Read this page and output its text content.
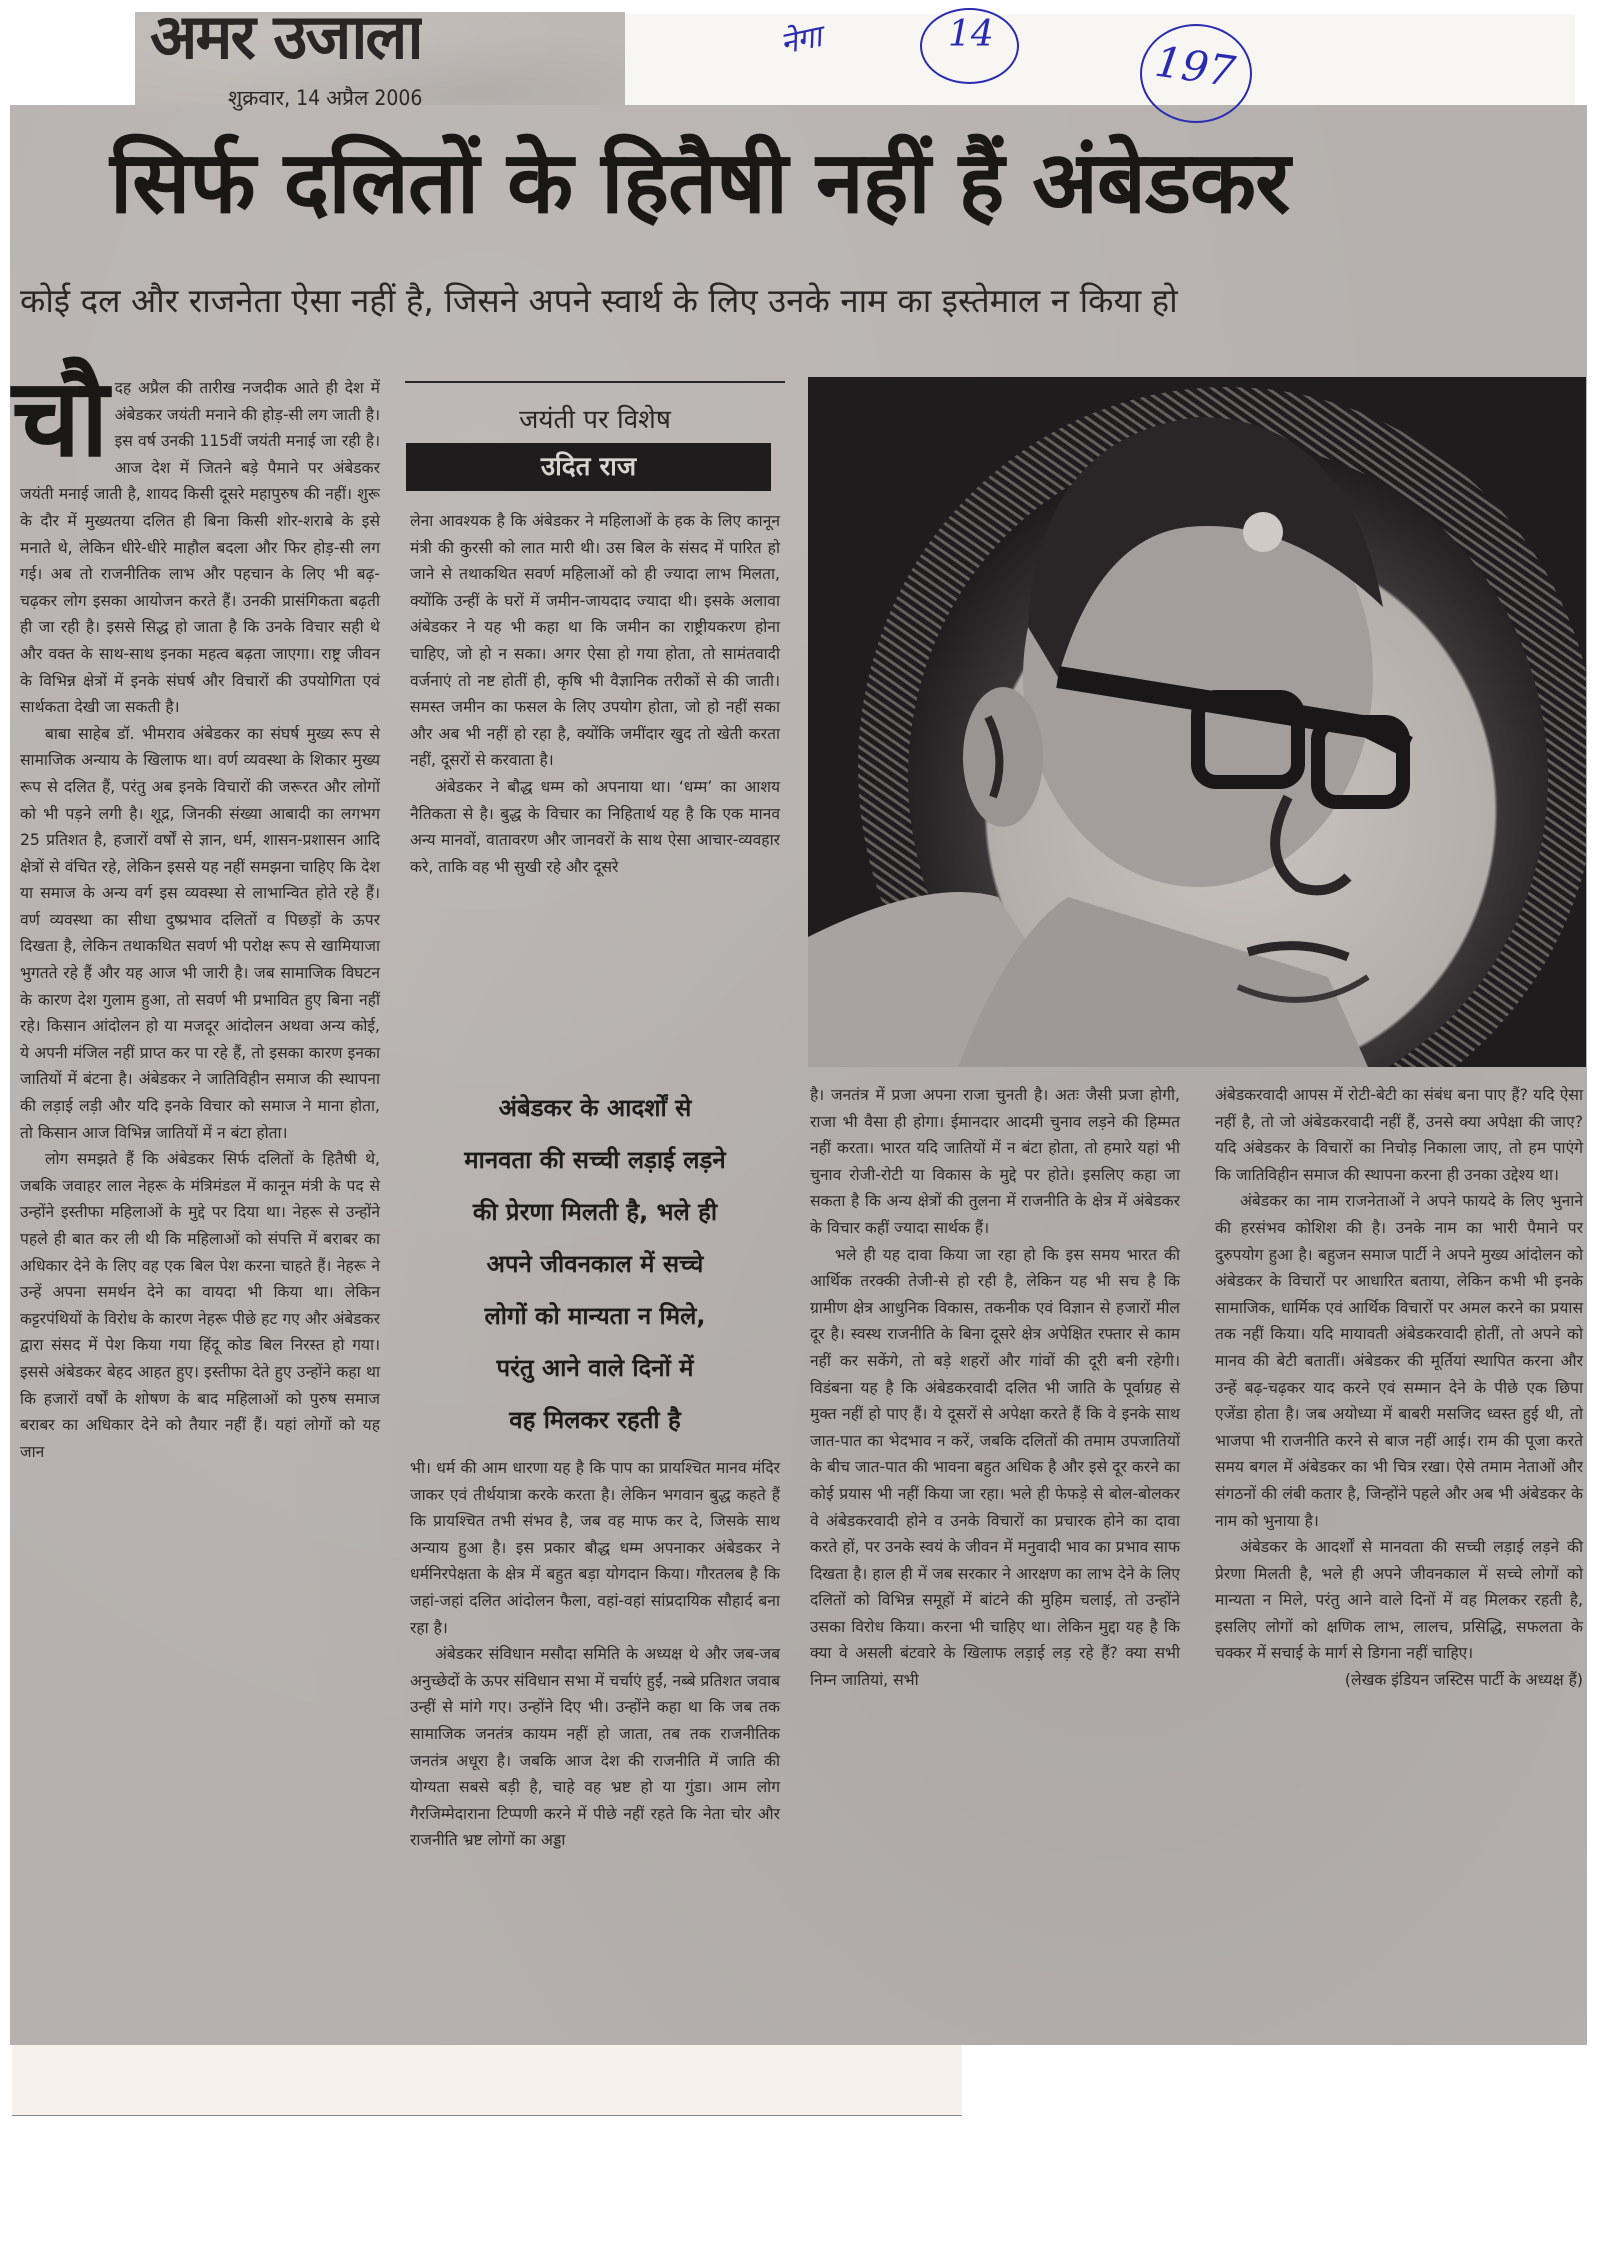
अमर उजाला
शुक्रवार, 14 अप्रैल 2006
नेगा	14
197
सिर्फ दलितों के हितैषी नहीं हैं अंबेडकर
कोई दल और राजनेता ऐसा नहीं है, जिसने अपने स्वार्थ के लिए उनके नाम का इस्तेमाल न किया हो
जयंती पर विशेष
उदित राज

चौदह अप्रैल की तारीख नजदीक आते ही देश में अंबेडकर जयंती मनाने की होड़-सी लग जाती है। इस वर्ष उनकी 115वीं जयंती मनाई जा रही है। आज देश में जितने बड़े पैमाने पर अंबेडकर जयंती मनाई जाती है, शायद किसी दूसरे महापुरुष की नहीं। शुरू के दौर में मुख्यतया दलित ही बिना किसी शोर-शराबे के इसे मनाते थे, लेकिन धीरे-धीरे माहौल बदला और फिर होड़-सी लग गई। अब तो राजनीतिक लाभ और पहचान के लिए भी बढ़-चढ़कर लोग इसका आयोजन करते हैं। उनकी प्रासंगिकता बढ़ती ही जा रही है। इससे सिद्ध हो जाता है कि उनके विचार सही थे और वक्त के साथ-साथ इनका महत्व बढ़ता जाएगा। राष्ट्र जीवन के विभिन्न क्षेत्रों में इनके संघर्ष और विचारों की उपयोगिता एवं सार्थकता देखी जा सकती है।

बाबा साहेब डॉ. भीमराव अंबेडकर का संघर्ष मुख्य रूप से सामाजिक अन्याय के खिलाफ था। वर्ण व्यवस्था के शिकार मुख्य रूप से दलित हैं, परंतु अब इनके विचारों की जरूरत और लोगों को भी पड़ने लगी है। शूद्र, जिनकी संख्या आबादी का लगभग 25 प्रतिशत है, हजारों वर्षों से ज्ञान, धर्म, शासन-प्रशासन आदि क्षेत्रों से वंचित रहे, लेकिन इससे यह नहीं समझना चाहिए कि देश या समाज के अन्य वर्ग इस व्यवस्था से लाभान्वित होते रहे हैं। वर्ण व्यवस्था का सीधा दुष्प्रभाव दलितों व पिछड़ों के ऊपर दिखता है, लेकिन तथाकथित सवर्ण भी परोक्ष रूप से खामियाजा भुगतते रहे हैं और यह आज भी जारी है। जब सामाजिक विघटन के कारण देश गुलाम हुआ, तो सवर्ण भी प्रभावित हुए बिना नहीं रहे। किसान आंदोलन हो या मजदूर आंदोलन अथवा अन्य कोई, ये अपनी मंजिल नहीं प्राप्त कर पा रहे हैं, तो इसका कारण इनका जातियों में बंटना है। अंबेडकर ने जातिविहीन समाज की स्थापना की लड़ाई लड़ी और यदि इनके विचार को समाज ने माना होता, तो किसान आज विभिन्न जातियों में न बंटा होता।

लोग समझते हैं कि अंबेडकर सिर्फ दलितों के हितैषी थे, जबकि जवाहर लाल नेहरू के मंत्रिमंडल में कानून मंत्री के पद से उन्होंने इस्तीफा महिलाओं के मुद्दे पर दिया था। नेहरू से उन्होंने पहले ही बात कर ली थी कि महिलाओं को संपत्ति में बराबर का अधिकार देने के लिए वह एक बिल पेश करना चाहते हैं। नेहरू ने उन्हें अपना समर्थन देने का वायदा भी किया था। लेकिन कट्टरपंथियों के विरोध के कारण नेहरू पीछे हट गए और अंबेडकर द्वारा संसद में पेश किया गया हिंदू कोड बिल निरस्त हो गया। इससे अंबेडकर बेहद आहत हुए। इस्तीफा देते हुए उन्होंने कहा था कि हजारों वर्षों के शोषण के बाद महिलाओं को पुरुष समाज बराबर का अधिकार देने को तैयार नहीं हैं। यहां लोगों को यह जान

लेना आवश्यक है कि अंबेडकर ने महिलाओं के हक के लिए कानून मंत्री की कुरसी को लात मारी थी। उस बिल के संसद में पारित हो जाने से तथाकथित सवर्ण महिलाओं को ही ज्यादा लाभ मिलता, क्योंकि उन्हीं के घरों में जमीन-जायदाद ज्यादा थी। इसके अलावा अंबेडकर ने यह भी कहा था कि जमीन का राष्ट्रीयकरण होना चाहिए, जो हो न सका। अगर ऐसा हो गया होता, तो सामंतवादी वर्जनाएं तो नष्ट होतीं ही, कृषि भी वैज्ञानिक तरीकों से की जाती। समस्त जमीन का फसल के लिए उपयोग होता, जो हो नहीं सका और अब भी नहीं हो रहा है, क्योंकि जमींदार खुद तो खेती करता नहीं, दूसरों से करवाता है।

अंबेडकर ने बौद्ध धम्म को अपनाया था। ‘धम्म’ का आशय नैतिकता से है। बुद्ध के विचार का निहितार्थ यह है कि एक मानव अन्य मानवों, वातावरण और जानवरों के साथ ऐसा आचार-व्यवहार करे, ताकि वह भी सुखी रहे और दूसरे

अंबेडकर के आदर्शों से
मानवता की सच्ची लड़ाई लड़ने
की प्रेरणा मिलती है, भले ही
अपने जीवनकाल में सच्चे
लोगों को मान्यता न मिले,
परंतु आने वाले दिनों में
वह मिलकर रहती है

भी। धर्म की आम धारणा यह है कि पाप का प्रायश्चित मानव मंदिर जाकर एवं तीर्थयात्रा करके करता है। लेकिन भगवान बुद्ध कहते हैं कि प्रायश्चित तभी संभव है, जब वह माफ कर दे, जिसके साथ अन्याय हुआ है। इस प्रकार बौद्ध धम्म अपनाकर अंबेडकर ने धर्मनिरपेक्षता के क्षेत्र में बहुत बड़ा योगदान किया। गौरतलब है कि जहां-जहां दलित आंदोलन फैला, वहां-वहां सांप्रदायिक सौहार्द बना रहा है।

अंबेडकर संविधान मसौदा समिति के अध्यक्ष थे और जब-जब अनुच्छेदों के ऊपर संविधान सभा में चर्चाएं हुईं, नब्बे प्रतिशत जवाब उन्हीं से मांगे गए। उन्होंने दिए भी। उन्होंने कहा था कि जब तक सामाजिक जनतंत्र कायम नहीं हो जाता, तब तक राजनीतिक जनतंत्र अधूरा है। जबकि आज देश की राजनीति में जाति की योग्यता सबसे बड़ी है, चाहे वह भ्रष्ट हो या गुंडा। आम लोग गैरजिम्मेदाराना टिप्पणी करने में पीछे नहीं रहते कि नेता चोर और राजनीति भ्रष्ट लोगों का अड्डा

है। जनतंत्र में प्रजा अपना राजा चुनती है। अतः जैसी प्रजा होगी, राजा भी वैसा ही होगा। ईमानदार आदमी चुनाव लड़ने की हिम्मत नहीं करता। भारत यदि जातियों में न बंटा होता, तो हमारे यहां भी चुनाव रोजी-रोटी या विकास के मुद्दे पर होते। इसलिए कहा जा सकता है कि अन्य क्षेत्रों की तुलना में राजनीति के क्षेत्र में अंबेडकर के विचार कहीं ज्यादा सार्थक हैं।

भले ही यह दावा किया जा रहा हो कि इस समय भारत की आर्थिक तरक्की तेजी-से हो रही है, लेकिन यह भी सच है कि ग्रामीण क्षेत्र आधुनिक विकास, तकनीक एवं विज्ञान से हजारों मील दूर है। स्वस्थ राजनीति के बिना दूसरे क्षेत्र अपेक्षित रफ्तार से काम नहीं कर सकेंगे, तो बड़े शहरों और गांवों की दूरी बनी रहेगी। विडंबना यह है कि अंबेडकरवादी दलित भी जाति के पूर्वाग्रह से मुक्त नहीं हो पाए हैं। ये दूसरों से अपेक्षा करते हैं कि वे इनके साथ जात-पात का भेदभाव न करें, जबकि दलितों की तमाम उपजातियों के बीच जात-पात की भावना बहुत अधिक है और इसे दूर करने का कोई प्रयास भी नहीं किया जा रहा। भले ही फेफड़े से बोल-बोलकर वे अंबेडकरवादी होने व उनके विचारों का प्रचारक होने का दावा करते हों, पर उनके स्वयं के जीवन में मनुवादी भाव का प्रभाव साफ दिखता है। हाल ही में जब सरकार ने आरक्षण का लाभ देने के लिए दलितों को विभिन्न समूहों में बांटने की मुहिम चलाई, तो उन्होंने उसका विरोध किया। करना भी चाहिए था। लेकिन मुद्दा यह है कि क्या वे असली बंटवारे के खिलाफ लड़ाई लड़ रहे हैं? क्या सभी निम्न जातियां, सभी

अंबेडकरवादी आपस में रोटी-बेटी का संबंध बना पाए हैं? यदि ऐसा नहीं है, तो जो अंबेडकरवादी नहीं हैं, उनसे क्या अपेक्षा की जाए? यदि अंबेडकर के विचारों का निचोड़ निकाला जाए, तो हम पाएंगे कि जातिविहीन समाज की स्थापना करना ही उनका उद्देश्य था।

अंबेडकर का नाम राजनेताओं ने अपने फायदे के लिए भुनाने की हरसंभव कोशिश की है। उनके नाम का भारी पैमाने पर दुरुपयोग हुआ है। बहुजन समाज पार्टी ने अपने मुख्य आंदोलन को अंबेडकर के विचारों पर आधारित बताया, लेकिन कभी भी इनके सामाजिक, धार्मिक एवं आर्थिक विचारों पर अमल करने का प्रयास तक नहीं किया। यदि मायावती अंबेडकरवादी होतीं, तो अपने को मानव की बेटी बतातीं। अंबेडकर की मूर्तियां स्थापित करना और उन्हें बढ़-चढ़कर याद करने एवं सम्मान देने के पीछे एक छिपा एजेंडा होता है। जब अयोध्या में बाबरी मसजिद ध्वस्त हुई थी, तो भाजपा भी राजनीति करने से बाज नहीं आई। राम की पूजा करते समय बगल में अंबेडकर का भी चित्र रखा। ऐसे तमाम नेताओं और संगठनों की लंबी कतार है, जिन्होंने पहले और अब भी अंबेडकर के नाम को भुनाया है।

अंबेडकर के आदर्शों से मानवता की सच्ची लड़ाई लड़ने की प्रेरणा मिलती है, भले ही अपने जीवनकाल में सच्चे लोगों को मान्यता न मिले, परंतु आने वाले दिनों में वह मिलकर रहती है, इसलिए लोगों को क्षणिक लाभ, लालच, प्रसिद्धि, सफलता के चक्कर में सचाई के मार्ग से डिगना नहीं चाहिए।

(लेखक इंडियन जस्टिस पार्टी के अध्यक्ष हैं)
